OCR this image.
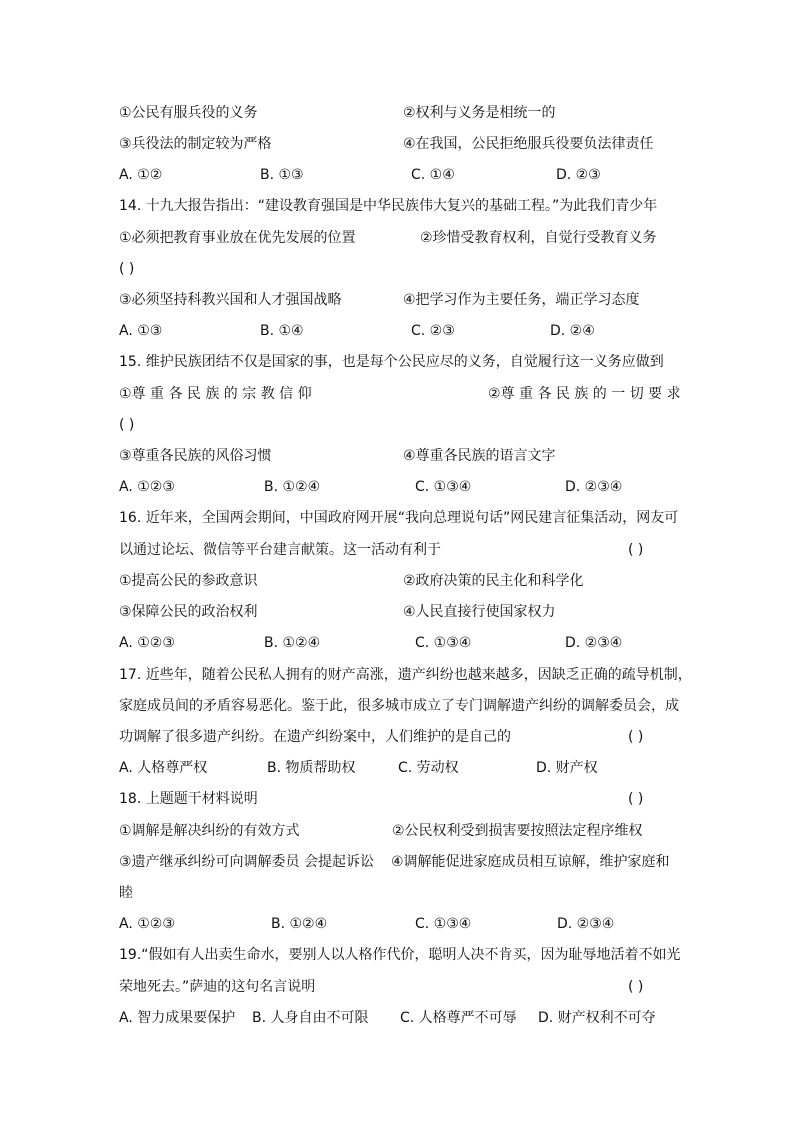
①公民有服兵役的义务	②权利与义务是相统一的
③兵役法的制定较为严格	④在我国，公民拒绝服兵役要负法律责任
A. ①②	B. ①③	C. ①④	D. ②③
14. 十九大报告指出：“建设教育强国是中华民族伟大复兴的基础工程。”为此我们青少年
①必须把教育事业放在优先发展的位置	②珍惜受教育权利，自觉行受教育义务
( )
③必须坚持科教兴国和人才强国战略	④把学习作为主要任务，端正学习态度
A. ①③	B. ①④	C. ②③	D. ②④
15. 维护民族团结不仅是国家的事，也是每个公民应尽的义务，自觉履行这一义务应做到
①尊 重 各 民 族 的 宗 教 信 仰	②尊 重 各 民 族 的 一 切 要 求
( )
③尊重各民族的风俗习惯	④尊重各民族的语言文字
A. ①②③	B. ①②④	C. ①③④	D. ②③④
16. 近年来，全国两会期间，中国政府网开展“我向总理说句话”网民建言征集活动，网友可
以通过论坛、微信等平台建言献策。这一活动有利于	( )
①提高公民的参政意识	②政府决策的民主化和科学化
③保障公民的政治权利	④人民直接行使国家权力
A. ①②③	B. ①②④	C. ①③④	D. ②③④
17. 近些年，随着公民私人拥有的财产高涨，遗产纠纷也越来越多，因缺乏正确的疏导机制，
家庭成员间的矛盾容易恶化。鉴于此，很多城市成立了专门调解遗产纠纷的调解委员会，成
功调解了很多遗产纠纷。在遗产纠纷案中，人们维护的是自己的	( )
A. 人格尊严权	B. 物质帮助权	C. 劳动权	D. 财产权
18. 上题题干材料说明	( )
①调解是解决纠纷的有效方式	②公民权利受到损害要按照法定程序维权
③遗产继承纠纷可向调解委员 会提起诉讼 ④调解能促进家庭成员相互谅解，维护家庭和
睦
A. ①②③	B. ①②④	C. ①③④	D. ②③④
19.“假如有人出卖生命水，要别人以人格作代价，聪明人决不肯买，因为耻辱地活着不如光
荣地死去。”萨迪的这句名言说明	( )
A. 智力成果要保护 B. 人身自由不可限 C. 人格尊严不可辱 D. 财产权利不可夺
